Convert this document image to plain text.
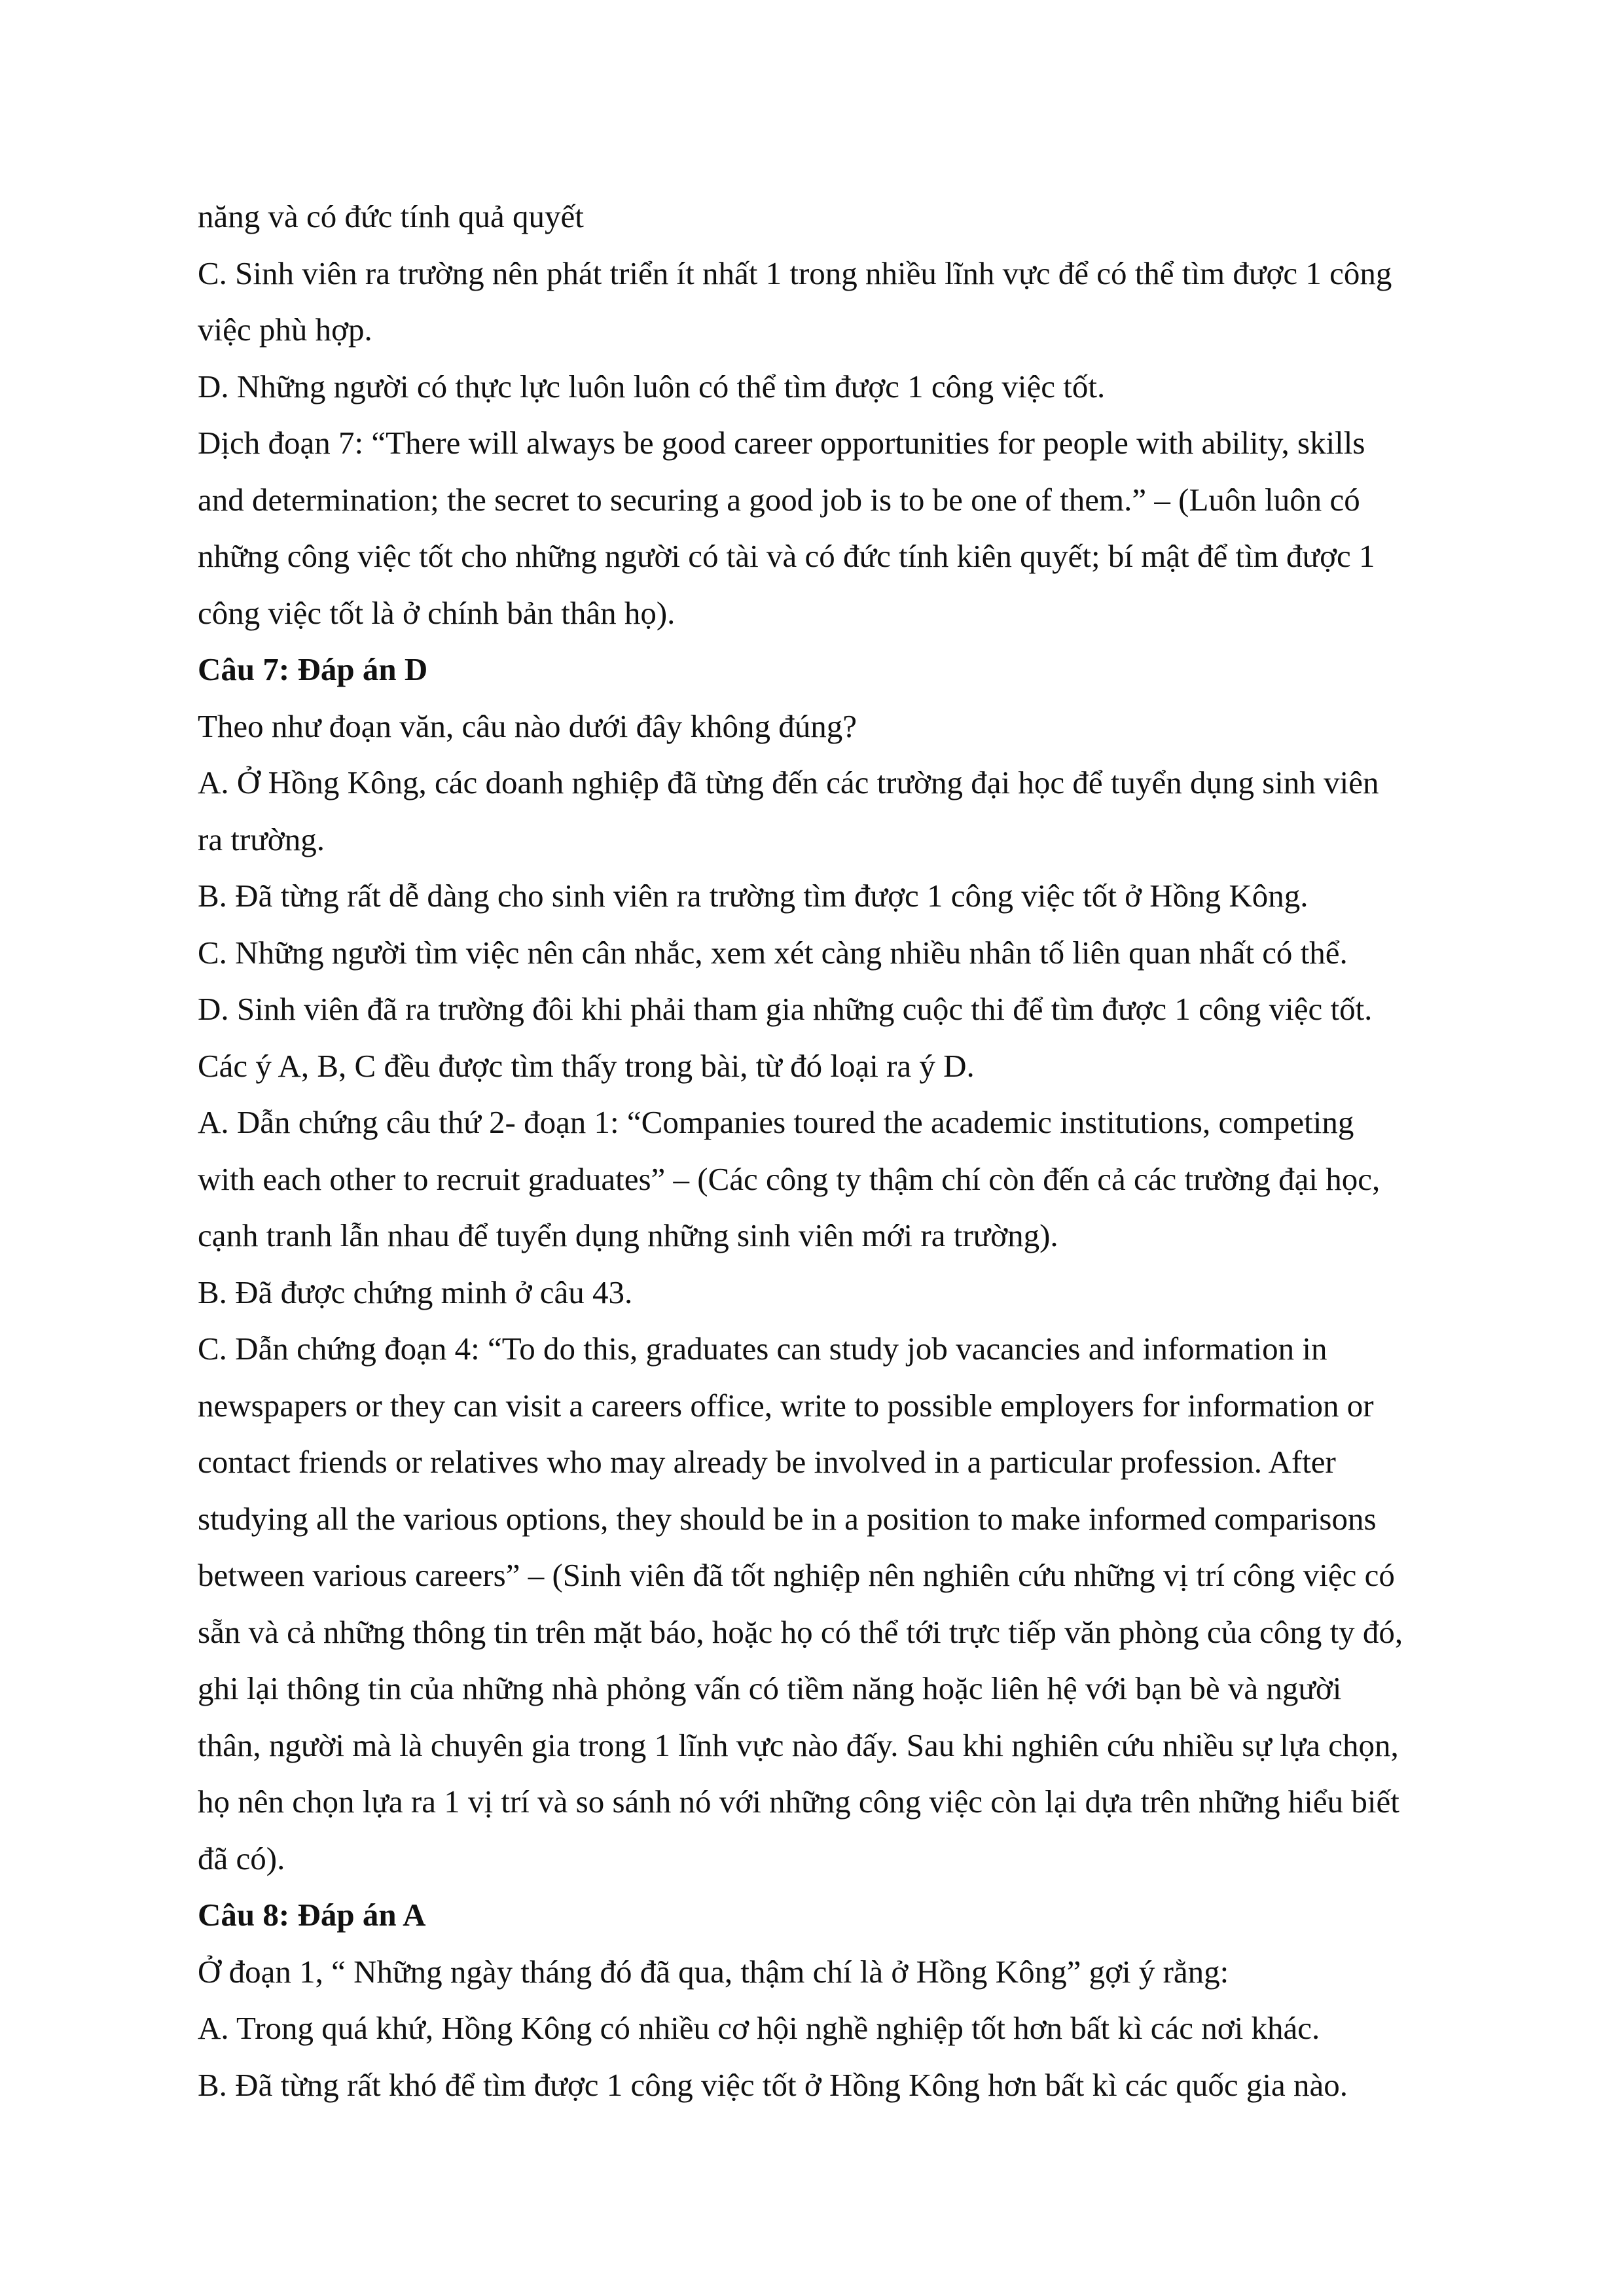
năng và có đức tính quả quyết

C. Sinh viên ra trường nên phát triển ít nhất 1 trong nhiều lĩnh vực để có thể tìm được 1 công

việc phù hợp.

D. Những người có thực lực luôn luôn có thể tìm được 1 công việc tốt.

Dịch đoạn 7: “There will always be good career opportunities for people with ability, skills

and determination; the secret to securing a good job is to be one of them.” – (Luôn luôn có

những công việc tốt cho những người có tài và có đức tính kiên quyết; bí mật để tìm được 1

công việc tốt là ở chính bản thân họ).

Câu 7: Đáp án D

Theo như đoạn văn, câu nào dưới đây không đúng?

A. Ở Hồng Kông, các doanh nghiệp đã từng đến các trường đại học để tuyển dụng sinh viên

ra trường.

B. Đã từng rất dễ dàng cho sinh viên ra trường tìm được 1 công việc tốt ở Hồng Kông.

C. Những người tìm việc nên cân nhắc, xem xét càng nhiều nhân tố liên quan nhất có thể.

D. Sinh viên đã ra trường đôi khi phải tham gia những cuộc thi để tìm được 1 công việc tốt.

Các ý A, B, C đều được tìm thấy trong bài, từ đó loại ra ý D.

A. Dẫn chứng câu thứ 2- đoạn 1: “Companies toured the academic institutions, competing

with each other to recruit graduates” – (Các công ty thậm chí còn đến cả các trường đại học,

cạnh tranh lẫn nhau để tuyển dụng những sinh viên mới ra trường).

B. Đã được chứng minh ở câu 43.

C. Dẫn chứng đoạn 4: “To do this, graduates can study job vacancies and information in

newspapers or they can visit a careers office, write to possible employers for information or

contact friends or relatives who may already be involved in a particular profession. After

studying all the various options, they should be in a position to make informed comparisons

between various careers” – (Sinh viên đã tốt nghiệp nên nghiên cứu những vị trí công việc có

sẵn và cả những thông tin trên mặt báo, hoặc họ có thể tới trực tiếp văn phòng của công ty đó,

ghi lại thông tin của những nhà phỏng vấn có tiềm năng hoặc liên hệ với bạn bè và người

thân, người mà là chuyên gia trong 1 lĩnh vực nào đấy. Sau khi nghiên cứu nhiều sự lựa chọn,

họ nên chọn lựa ra 1 vị trí và so sánh nó với những công việc còn lại dựa trên những hiểu biết

đã có).

Câu 8: Đáp án A

Ở đoạn 1, “ Những ngày tháng đó đã qua, thậm chí là ở Hồng Kông” gợi ý rằng:

A. Trong quá khứ, Hồng Kông có nhiều cơ hội nghề nghiệp tốt hơn bất kì các nơi khác.

B. Đã từng rất khó để tìm được 1 công việc tốt ở Hồng Kông hơn bất kì các quốc gia nào.
